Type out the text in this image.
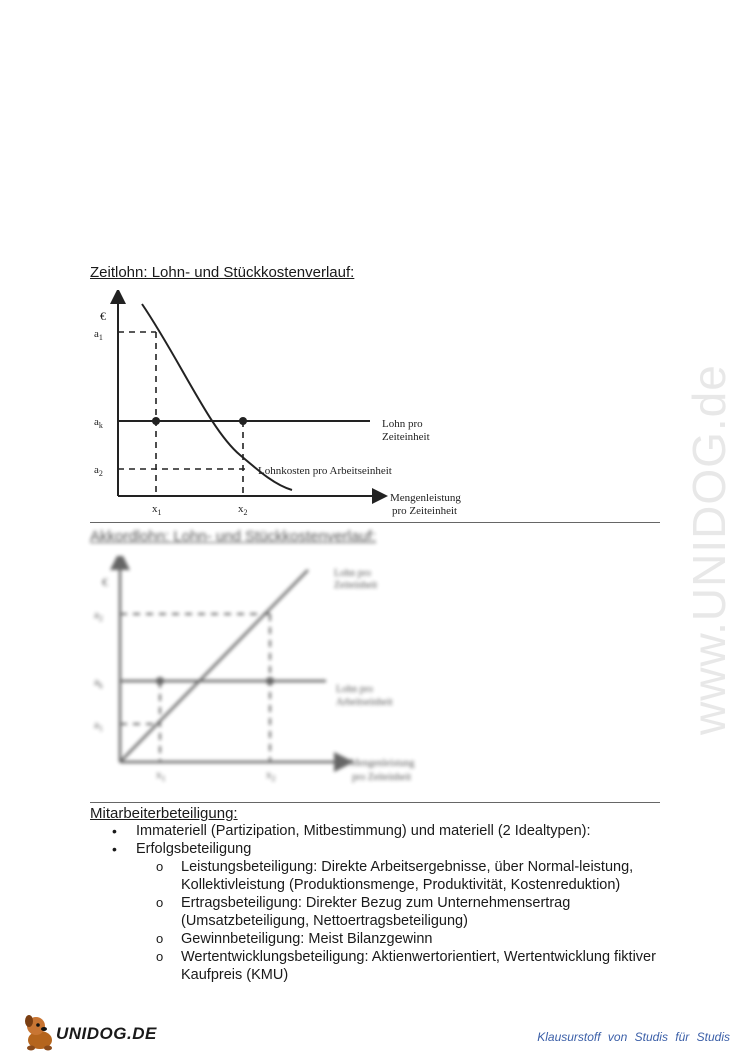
www.UNIDOG.de
Zeitlohn: Lohn- und Stückkostenverlauf:
€
$a_1$
$a_k$
$a_2$
$x_1$	$x_2$
Lohn pro
Zeiteinheit
Lohnkosten pro Arbeitseinheit
Mengenleistung
pro Zeiteinheit
Akkordlohn: Lohn- und Stückkostenverlauf:
€
$a_2$
$a_k$
$a_1$
$x_1$	$x_2$
Lohn pro
Zeiteinheit
Lohn pro
Arbeitseinheit
Mengenleistung
pro Zeiteinheit
Mitarbeiterbeteiligung:
• Immateriell (Partizipation, Mitbestimmung) und materiell (2 Idealtypen):
• Erfolgsbeteiligung
o Leistungsbeteiligung: Direkte Arbeitsergebnisse, über Normal-leistung, Kollektivleistung (Produktionsmenge, Produktivität, Kostenreduktion)
o Ertragsbeteiligung: Direkter Bezug zum Unternehmensertrag (Umsatzbeteiligung, Nettoertragsbeteiligung)
o Gewinnbeteiligung: Meist Bilanzgewinn
o Wertentwicklungsbeteiligung: Aktienwertorientiert, Wertentwicklung fiktiver Kaufpreis (KMU)
UNIDOG.DE	Klausurstoff von Studis für Studis
